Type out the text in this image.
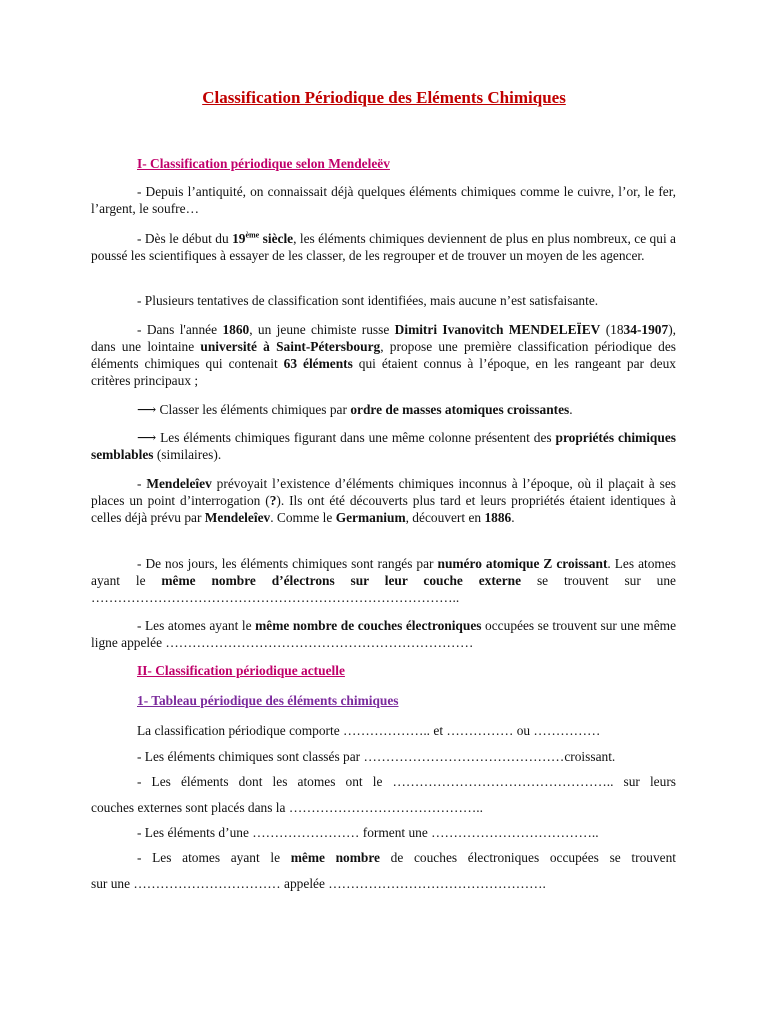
Classification Périodique des Eléments Chimiques
I- Classification périodique selon Mendeleëv
- Depuis l’antiquité, on connaissait déjà quelques éléments chimiques comme le cuivre, l’or, le fer, l’argent, le soufre…
- Dès le début du 19ème siècle, les éléments chimiques deviennent de plus en plus nombreux, ce qui a poussé les scientifiques à essayer de les classer, de les regrouper et de trouver un moyen de les agencer.
- Plusieurs tentatives de classification sont identifiées, mais aucune n’est satisfaisante.
- Dans l'année 1860, un jeune chimiste russe Dimitri Ivanovitch MENDELEÏEV (1834-1907), dans une lointaine université à Saint-Pétersbourg, propose une première classification périodique des éléments chimiques qui contenait 63 éléments qui étaient connus à l’époque, en les rangeant par deux critères principaux ;
⟶ Classer les éléments chimiques par ordre de masses atomiques croissantes.
⟶ Les éléments chimiques figurant dans une même colonne présentent des propriétés chimiques semblables (similaires).
- Mendeleîev prévoyait l’existence d’éléments chimiques inconnus à l’époque, où il plaçait à ses places un point d’interrogation (?). Ils ont été découverts plus tard et leurs propriétés étaient identiques à celles déjà prévu par Mendeleîev. Comme le Germanium, découvert en 1886.
- De nos jours, les éléments chimiques sont rangés par numéro atomique Z croissant. Les atomes ayant le même nombre d’électrons sur leur couche externe se trouvent sur une ………………………………………………………………………..
- Les atomes ayant le même nombre de couches électroniques occupées se trouvent sur une même ligne appelée ……………………………………………………………
II- Classification périodique actuelle
1- Tableau périodique des éléments chimiques
La classification périodique comporte ……………….. et …………… ou ……………
- Les éléments chimiques sont classés par ………………………………………croissant.
- Les éléments dont les atomes ont le ………………………………………….. sur leurs
couches externes sont placés dans la ……………………………………..
- Les éléments d’une …………………… forment une ………………………………..
- Les atomes ayant le même nombre de couches électroniques occupées se trouvent
sur une …………………………… appelée ………………………………………….
